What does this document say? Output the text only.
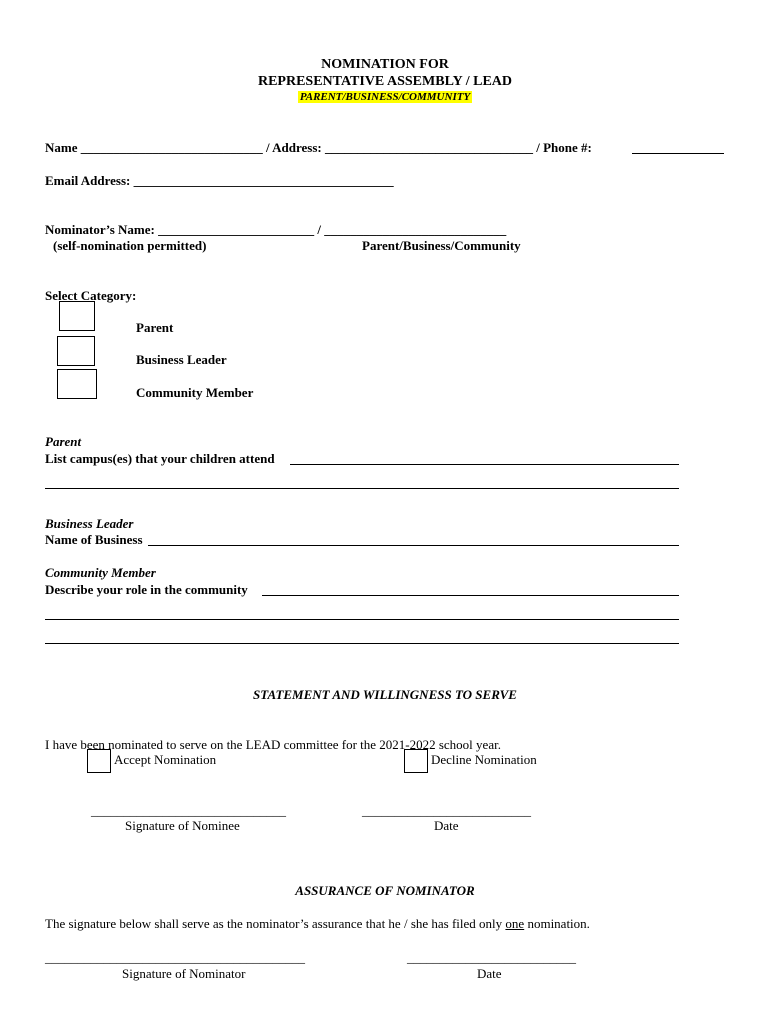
NOMINATION FOR
REPRESENTATIVE ASSEMBLY / LEAD
PARENT/BUSINESS/COMMUNITY
Name ____________________________ / Address: ________________________________ / Phone #:
Email Address: ________________________________________
Nominator’s Name: ________________________ / ____________________________
(self-nomination permitted)	Parent/Business/Community
Select Category:
Parent
Business Leader
Community Member
Parent
List campus(es) that your children attend
Business Leader
Name of Business
Community Member
Describe your role in the community
STATEMENT AND WILLINGNESS TO SERVE
I have been nominated to serve on the LEAD committee for the 2021-2022 school year.
Accept Nomination	Decline Nomination
______________________________	__________________________
Signature of Nominee	Date
ASSURANCE OF NOMINATOR
The signature below shall serve as the nominator’s assurance that he / she has filed only one nomination.
________________________________________	__________________________
Signature of Nominator	Date
